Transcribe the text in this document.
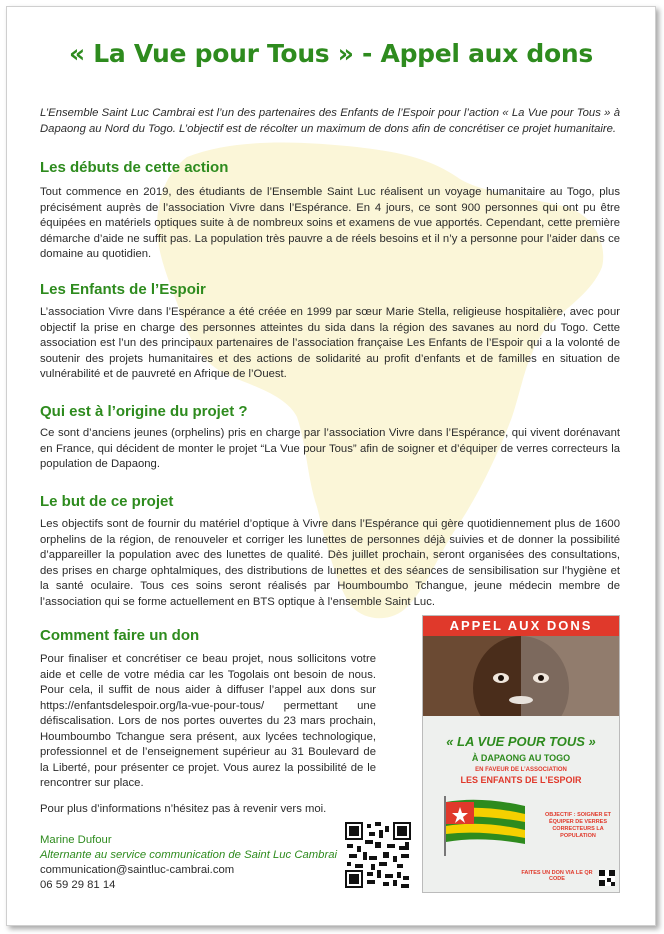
« La Vue pour Tous » - Appel aux dons
L’Ensemble Saint Luc Cambrai est l’un des partenaires des Enfants de l’Espoir pour l’action « La Vue pour Tous » à Dapaong au Nord du Togo. L’objectif est de récolter un maximum de dons afin de concrétiser ce projet humanitaire.
Les débuts de cette action
Tout commence en 2019, des étudiants de l’Ensemble Saint Luc réalisent un voyage humanitaire au Togo, plus précisément auprès de l’association Vivre dans l’Espérance. En 4 jours, ce sont 900 personnes qui ont pu être équipées en matériels optiques suite à de nombreux soins et examens de vue apportés. Cependant, cette première démarche d’aide ne suffit pas. La population très pauvre a de réels besoins et il n’y a personne pour l’aider dans ce domaine au quotidien.
Les Enfants de l’Espoir
L’association Vivre dans l’Espérance a été créée en 1999 par sœur Marie Stella, religieuse hospitalière, avec pour objectif la prise en charge des personnes atteintes du sida dans la région des savanes au nord du Togo. Cette association est l’un des principaux partenaires de l’association française Les Enfants de l’Espoir qui a la volonté de soutenir des projets humanitaires et des actions de solidarité au profit d’enfants et de familles en situation de vulnérabilité et de pauvreté en Afrique de l’Ouest.
Qui est à l’origine du projet ?
Ce sont d’anciens jeunes (orphelins) pris en charge par l’association Vivre dans l’Espérance, qui vivent dorénavant en France, qui décident de monter le projet “La Vue pour Tous” afin de soigner et d’équiper de verres correcteurs la population de Dapaong.
Le but de ce projet
Les objectifs sont de fournir du matériel d’optique à Vivre dans l’Espérance qui gère quotidiennement plus de 1600 orphelins de la région, de renouveler et corriger les lunettes de personnes déjà suivies et de donner la possibilité d’appareiller la population avec des lunettes de qualité. Dès juillet prochain, seront organisées des consultations, des prises en charge ophtalmiques, des distributions de lunettes et des séances de sensibilisation sur l’hygiène et la santé oculaire. Tous ces soins seront réalisés par Houmboumbo Tchangue, jeune médecin membre de l’association qui se forme actuellement en BTS optique à l’ensemble Saint Luc.
Comment faire un don
Pour finaliser et concrétiser ce beau projet, nous sollicitons votre aide et celle de votre média car les Togolais ont besoin de nous. Pour cela, il suffit de nous aider à diffuser l’appel aux dons sur https://enfantsdelespoir.org/la-vue-pour-tous/ permettant une défiscalisation. Lors de nos portes ouvertes du 23 mars prochain, Houmboumbo Tchangue sera présent, aux lycées technologique, professionnel et de l’enseignement supérieur au 31 Boulevard de la Liberté, pour présenter ce projet. Vous aurez la possibilité de le rencontrer sur place.
Pour plus d’informations n’hésitez pas à revenir vers moi.
Marine Dufour
Alternante au service communication de Saint Luc Cambrai
communication@saintluc-cambrai.com
06 59 29 81 14
APPEL AUX DONS
« LA VUE POUR TOUS »
À DAPAONG AU TOGO
EN FAVEUR DE L’ASSOCIATION
LES ENFANTS DE L’ESPOIR
OBJECTIF : SOIGNER ET ÉQUIPER DE VERRES CORRECTEURS LA POPULATION
FAITES UN DON VIA LE QR CODE
